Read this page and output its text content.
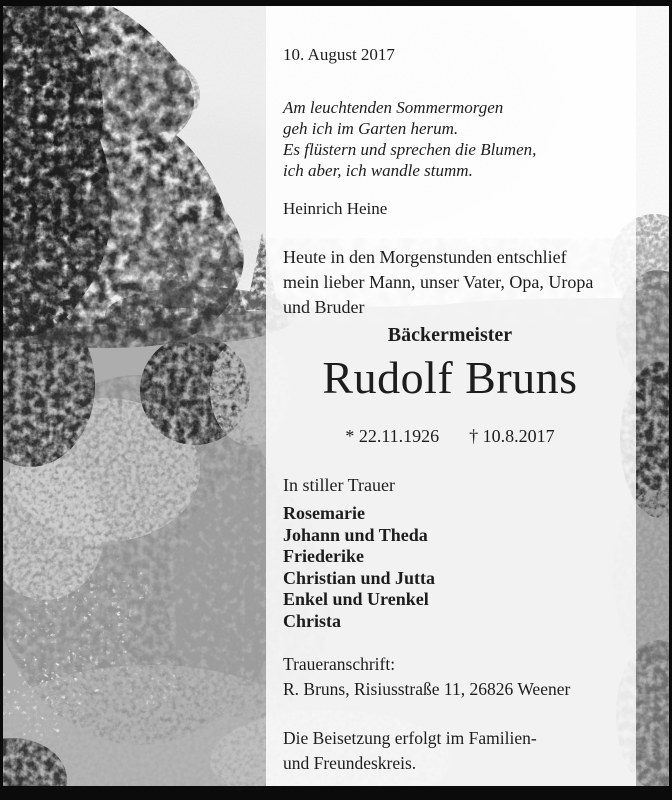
10. August 2017
Am leuchtenden Sommermorgen
geh ich im Garten herum.
Es flüstern und sprechen die Blumen,
ich aber, ich wandle stumm.
Heinrich Heine
Heute in den Morgenstunden entschlief
mein lieber Mann, unser Vater, Opa, Uropa
und Bruder
Bäckermeister
Rudolf Bruns
* 22.11.1926 † 10.8.2017
In stiller Trauer
Rosemarie
Johann und Theda
Friederike
Christian und Jutta
Enkel und Urenkel
Christa
Traueranschrift:
R. Bruns, Risiusstraße 11, 26826 Weener
Die Beisetzung erfolgt im Familien-
und Freundeskreis.
